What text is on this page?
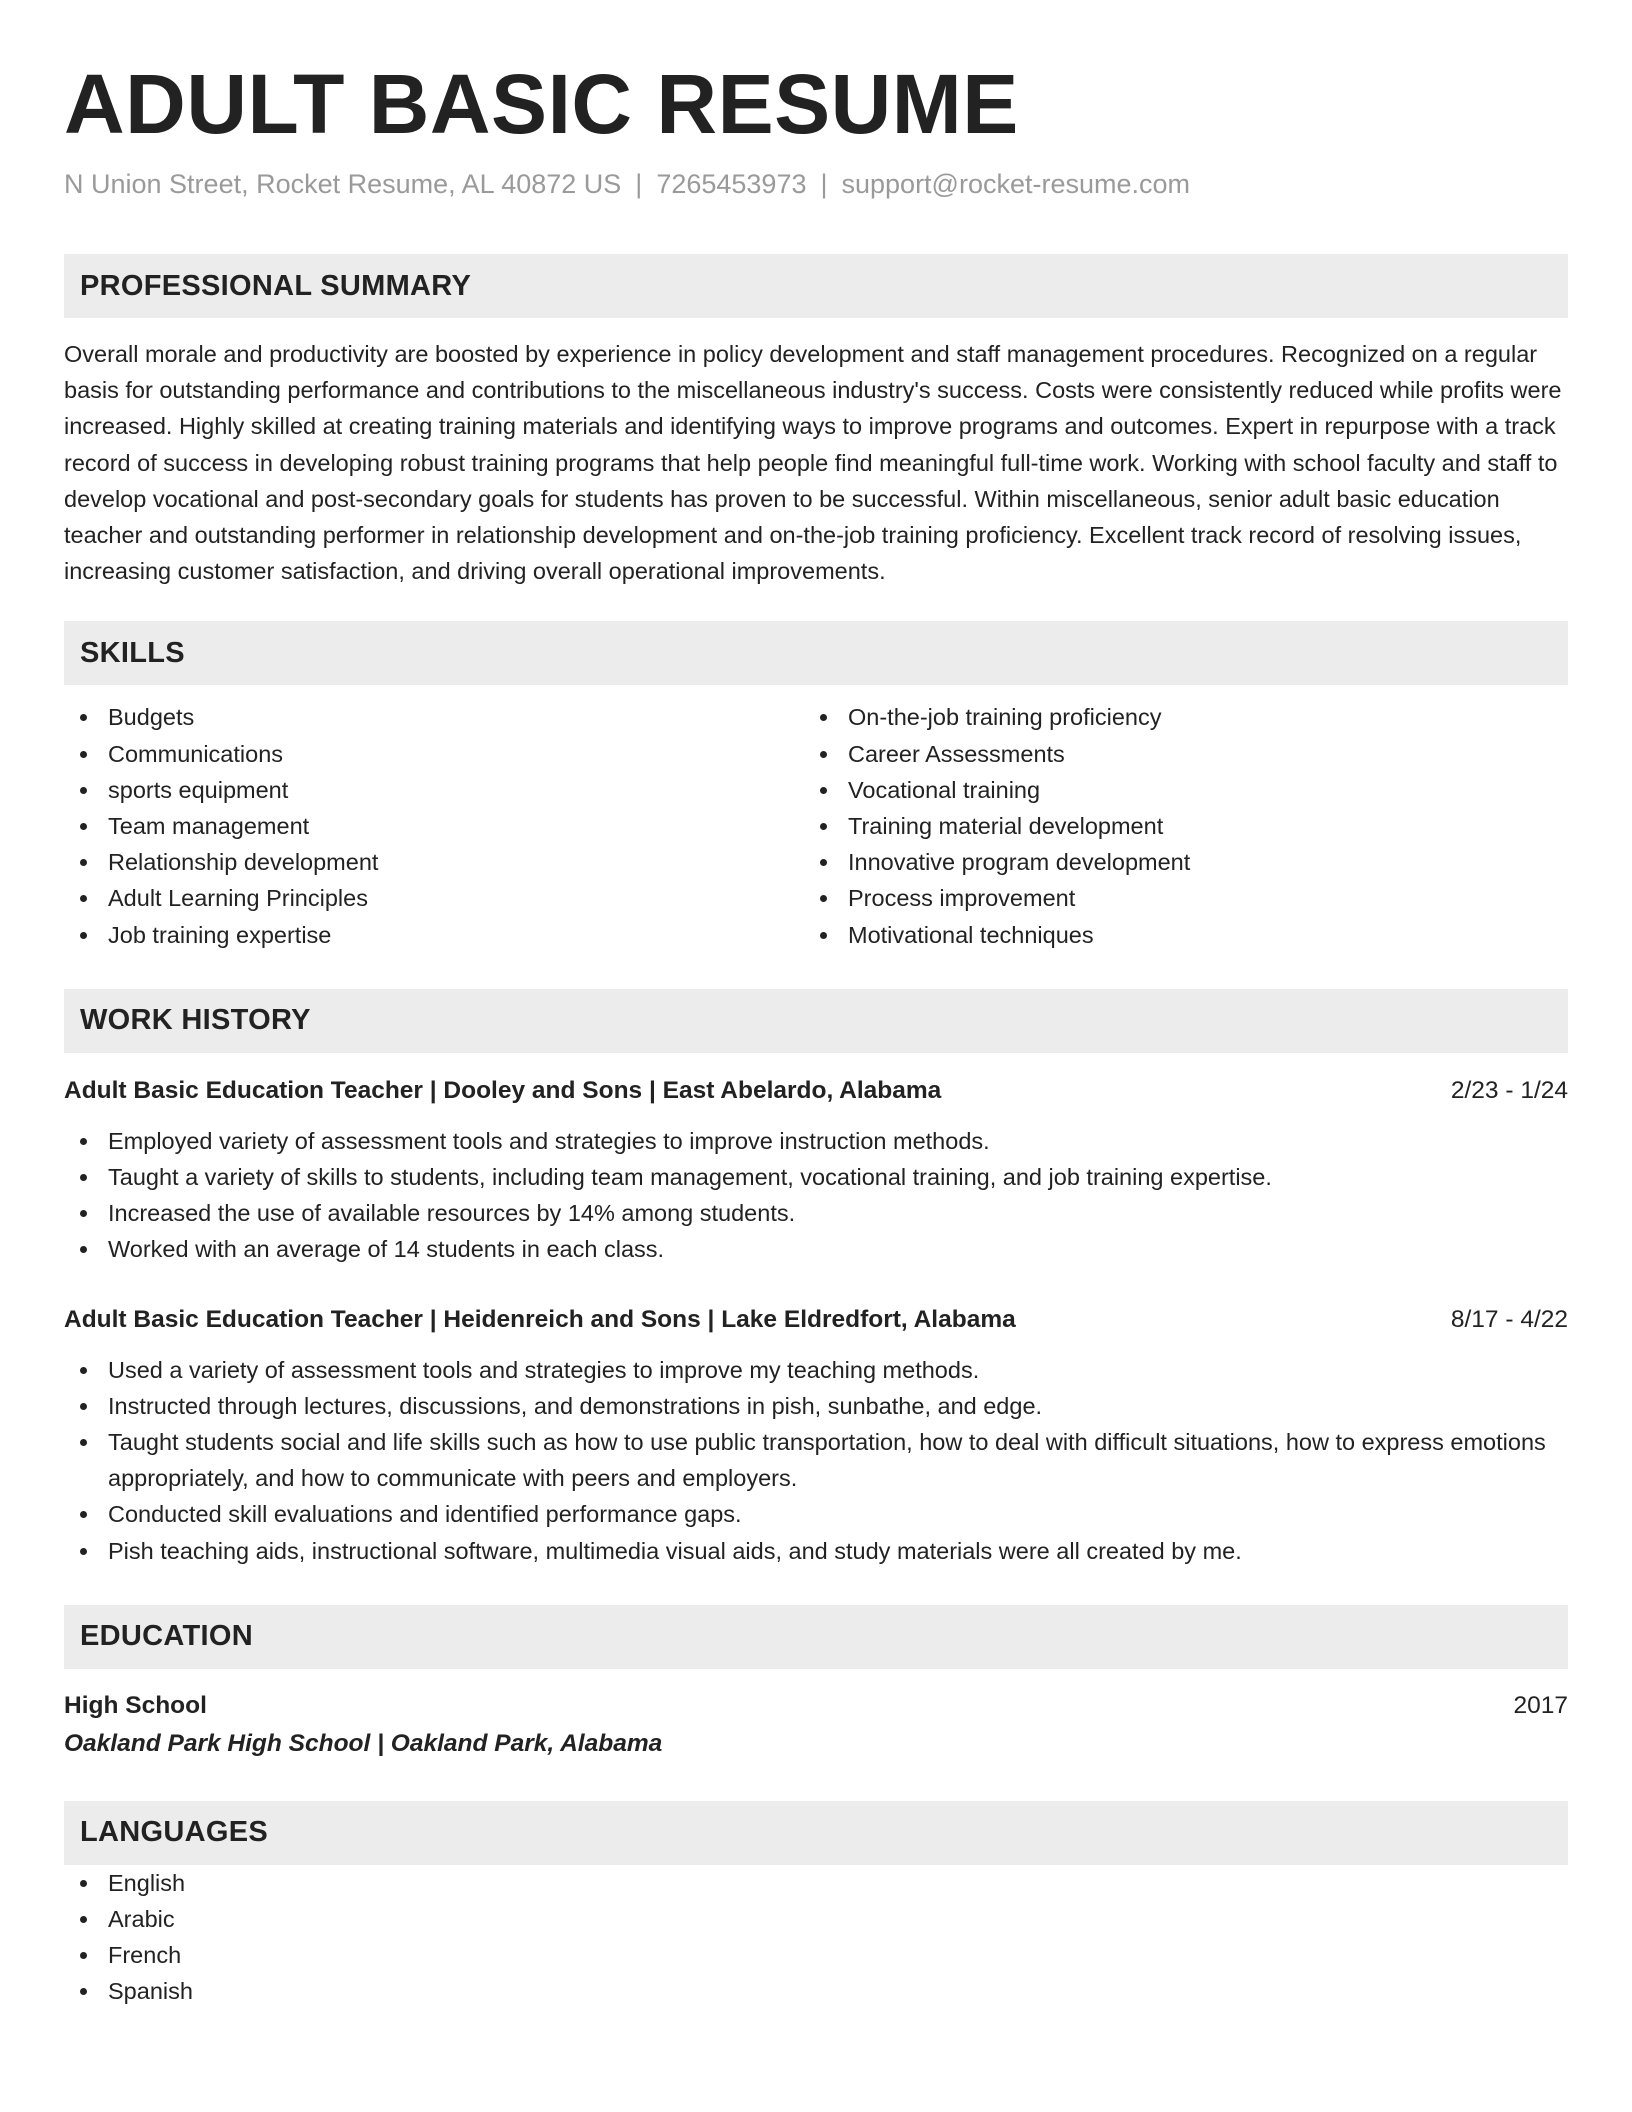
ADULT BASIC RESUME
N Union Street, Rocket Resume, AL 40872 US | 7265453973 | support@rocket-resume.com
PROFESSIONAL SUMMARY

Overall morale and productivity are boosted by experience in policy development and staff management procedures. Recognized on a regular basis for outstanding performance and contributions to the miscellaneous industry's success. Costs were consistently reduced while profits were increased. Highly skilled at creating training materials and identifying ways to improve programs and outcomes. Expert in repurpose with a track record of success in developing robust training programs that help people find meaningful full-time work. Working with school faculty and staff to develop vocational and post-secondary goals for students has proven to be successful. Within miscellaneous, senior adult basic education teacher and outstanding performer in relationship development and on-the-job training proficiency. Excellent track record of resolving issues, increasing customer satisfaction, and driving overall operational improvements.

SKILLS
Budgets
Communications
sports equipment
Team management
Relationship development
Adult Learning Principles
Job training expertise
On-the-job training proficiency
Career Assessments
Vocational training
Training material development
Innovative program development
Process improvement
Motivational techniques
WORK HISTORY
Adult Basic Education Teacher | Dooley and Sons | East Abelardo, Alabama	2/23 - 1/24
Employed variety of assessment tools and strategies to improve instruction methods.
Taught a variety of skills to students, including team management, vocational training, and job training expertise.
Increased the use of available resources by 14% among students.
Worked with an average of 14 students in each class.
Adult Basic Education Teacher | Heidenreich and Sons | Lake Eldredfort, Alabama	8/17 - 4/22
Used a variety of assessment tools and strategies to improve my teaching methods.
Instructed through lectures, discussions, and demonstrations in pish, sunbathe, and edge.
Taught students social and life skills such as how to use public transportation, how to deal with difficult situations, how to express emotions appropriately, and how to communicate with peers and employers.
Conducted skill evaluations and identified performance gaps.
Pish teaching aids, instructional software, multimedia visual aids, and study materials were all created by me.
EDUCATION
High School	2017
Oakland Park High School | Oakland Park, Alabama
LANGUAGES
English
Arabic
French
Spanish
